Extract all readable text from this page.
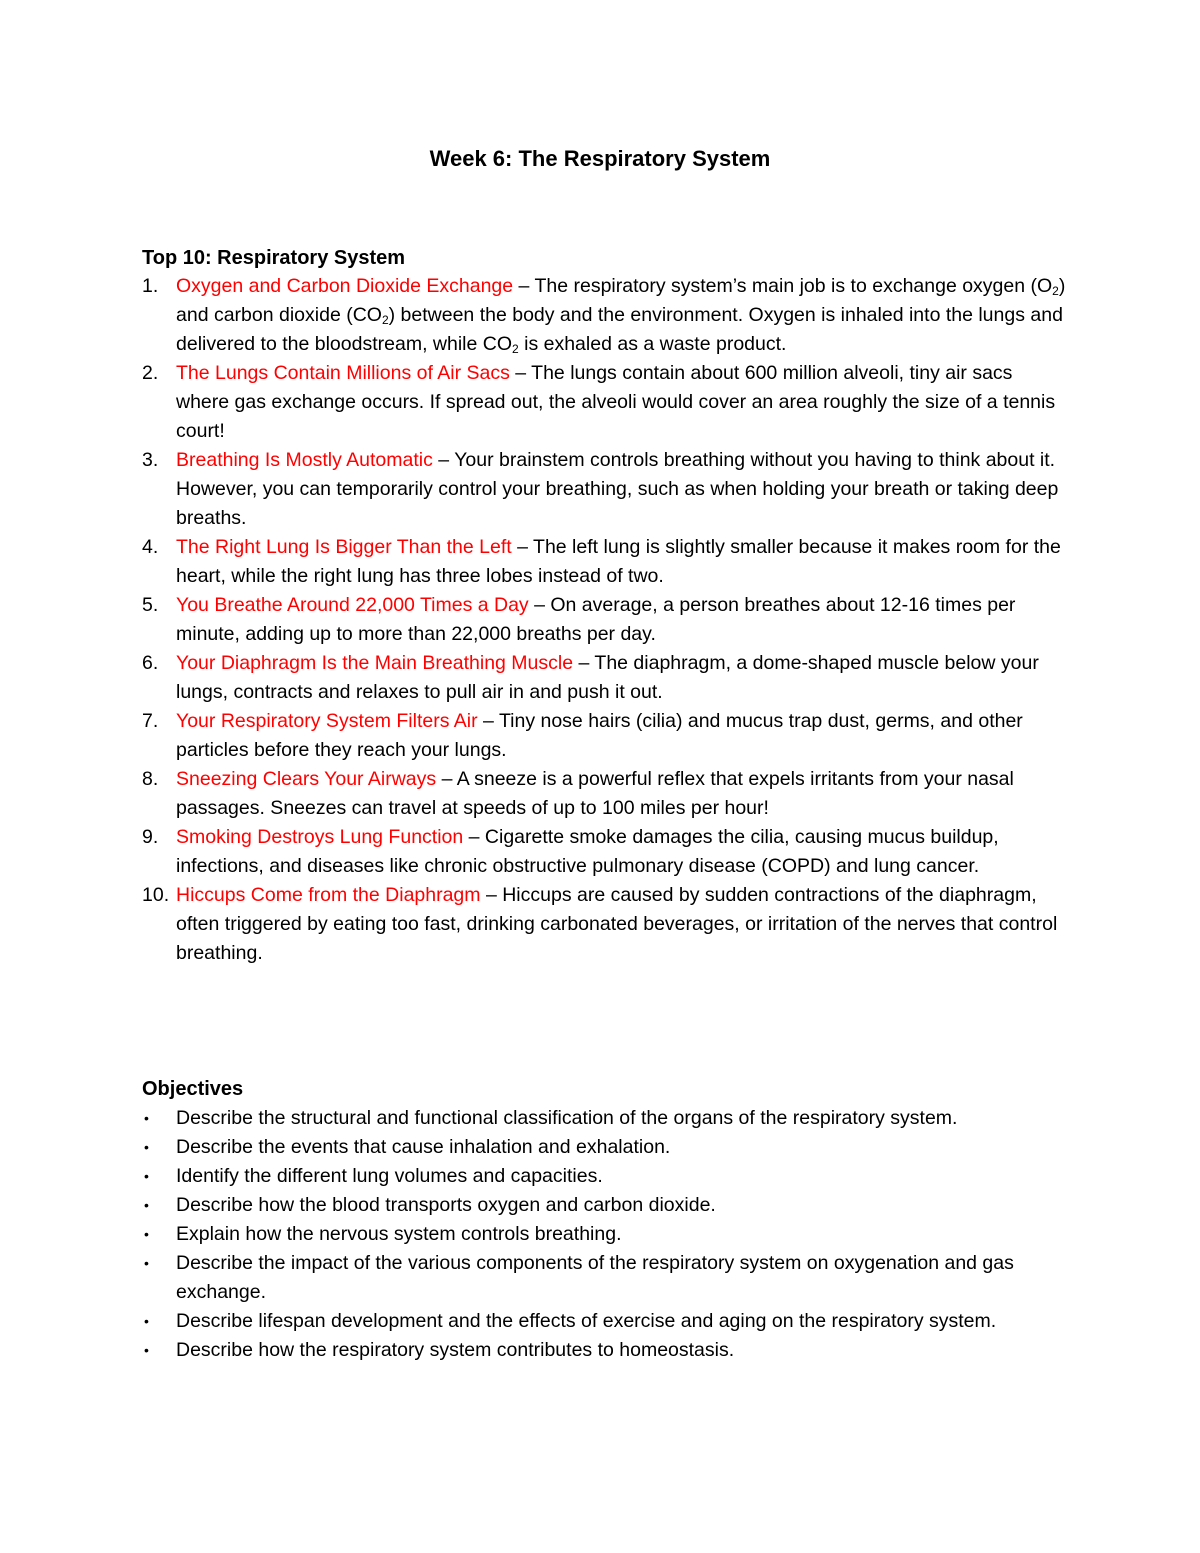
Week 6: The Respiratory System
Top 10: Respiratory System
1. Oxygen and Carbon Dioxide Exchange – The respiratory system’s main job is to exchange oxygen $(O_2)$ and carbon dioxide $(CO_2)$ between the body and the environment. Oxygen is inhaled into the lungs and delivered to the bloodstream, while $CO_2$ is exhaled as a waste product.
2. The Lungs Contain Millions of Air Sacs – The lungs contain about 600 million alveoli, tiny air sacs where gas exchange occurs. If spread out, the alveoli would cover an area roughly the size of a tennis court!
3. Breathing Is Mostly Automatic – Your brainstem controls breathing without you having to think about it. However, you can temporarily control your breathing, such as when holding your breath or taking deep breaths.
4. The Right Lung Is Bigger Than the Left – The left lung is slightly smaller because it makes room for the heart, while the right lung has three lobes instead of two.
5. You Breathe Around 22,000 Times a Day – On average, a person breathes about 12-16 times per minute, adding up to more than 22,000 breaths per day.
6. Your Diaphragm Is the Main Breathing Muscle – The diaphragm, a dome-shaped muscle below your lungs, contracts and relaxes to pull air in and push it out.
7. Your Respiratory System Filters Air – Tiny nose hairs (cilia) and mucus trap dust, germs, and other particles before they reach your lungs.
8. Sneezing Clears Your Airways – A sneeze is a powerful reflex that expels irritants from your nasal passages. Sneezes can travel at speeds of up to 100 miles per hour!
9. Smoking Destroys Lung Function – Cigarette smoke damages the cilia, causing mucus buildup, infections, and diseases like chronic obstructive pulmonary disease (COPD) and lung cancer.
10. Hiccups Come from the Diaphragm – Hiccups are caused by sudden contractions of the diaphragm, often triggered by eating too fast, drinking carbonated beverages, or irritation of the nerves that control breathing.
Objectives
• Describe the structural and functional classification of the organs of the respiratory system.
• Describe the events that cause inhalation and exhalation.
• Identify the different lung volumes and capacities.
• Describe how the blood transports oxygen and carbon dioxide.
• Explain how the nervous system controls breathing.
• Describe the impact of the various components of the respiratory system on oxygenation and gas exchange.
• Describe lifespan development and the effects of exercise and aging on the respiratory system.
• Describe how the respiratory system contributes to homeostasis.
